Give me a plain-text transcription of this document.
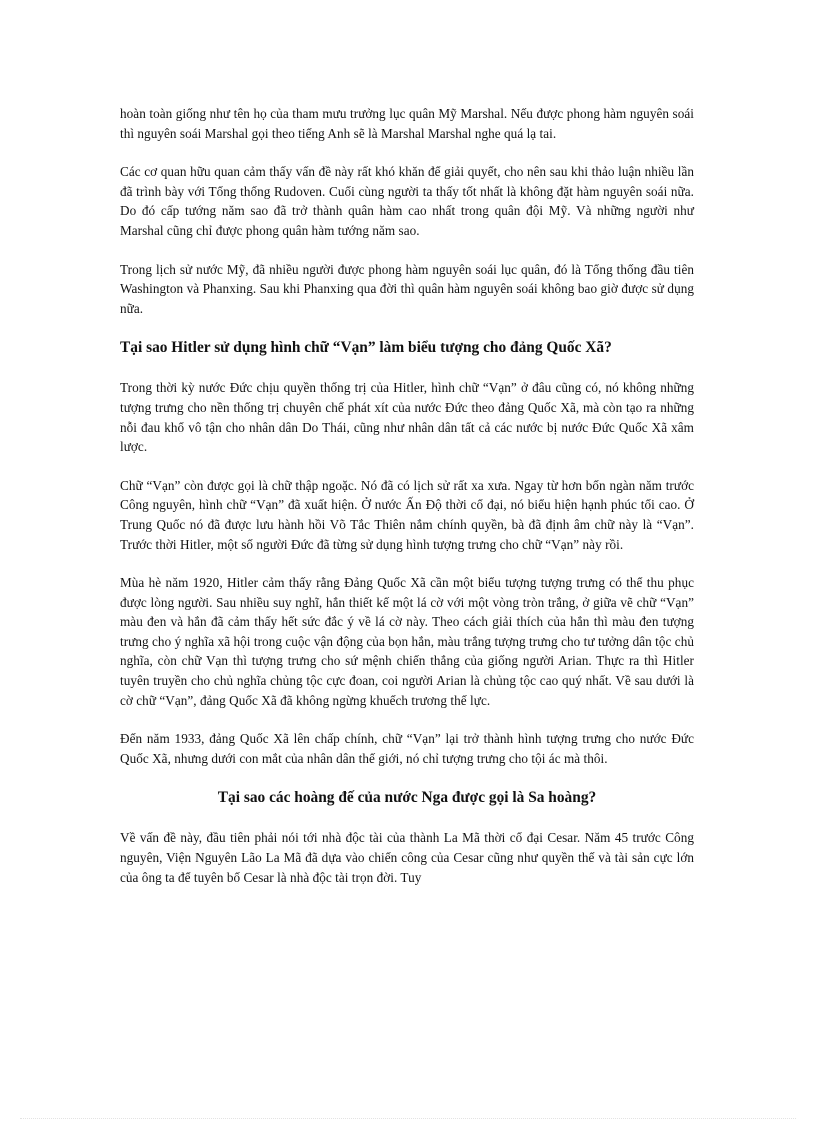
hoàn toàn giống như tên họ của tham mưu trưởng lục quân Mỹ Marshal. Nếu được phong hàm nguyên soái thì nguyên soái Marshal gọi theo tiếng Anh sẽ là Marshal Marshal nghe quá lạ tai.

Các cơ quan hữu quan cảm thấy vấn đề này rất khó khăn để giải quyết, cho nên sau khi thảo luận nhiều lần đã trình bày với Tổng thống Rudoven. Cuối cùng người ta thấy tốt nhất là không đặt hàm nguyên soái nữa. Do đó cấp tướng năm sao đã trở thành quân hàm cao nhất trong quân đội Mỹ. Và những người như Marshal cũng chỉ được phong quân hàm tướng năm sao.

Trong lịch sử nước Mỹ, đã nhiều người được phong hàm nguyên soái lục quân, đó là Tổng thống đầu tiên Washington và Phanxing. Sau khi Phanxing qua đời thì quân hàm nguyên soái không bao giờ được sử dụng nữa.

Tại sao Hitler sử dụng hình chữ “Vạn” làm biểu tượng cho đảng Quốc Xã?

Trong thời kỳ nước Đức chịu quyền thống trị của Hitler, hình chữ “Vạn” ở đâu cũng có, nó không những tượng trưng cho nền thống trị chuyên chế phát xít của nước Đức theo đảng Quốc Xã, mà còn tạo ra những nỗi đau khổ vô tận cho nhân dân Do Thái, cũng như nhân dân tất cả các nước bị nước Đức Quốc Xã xâm lược.

Chữ “Vạn” còn được gọi là chữ thập ngoặc. Nó đã có lịch sử rất xa xưa. Ngay từ hơn bốn ngàn năm trước Công nguyên, hình chữ “Vạn” đã xuất hiện. Ở nước Ấn Độ thời cổ đại, nó biểu hiện hạnh phúc tối cao. Ở Trung Quốc nó đã được lưu hành hồi Võ Tắc Thiên nắm chính quyền, bà đã định âm chữ này là “Vạn”. Trước thời Hitler, một số người Đức đã từng sử dụng hình tượng trưng cho chữ “Vạn” này rồi.

Mùa hè năm 1920, Hitler cảm thấy rằng Đảng Quốc Xã cần một biểu tượng tượng trưng có thể thu phục được lòng người. Sau nhiều suy nghĩ, hắn thiết kế một lá cờ với một vòng tròn trắng, ở giữa vẽ chữ “Vạn” màu đen và hắn đã cảm thấy hết sức đắc ý về lá cờ này. Theo cách giải thích của hắn thì màu đen tượng trưng cho ý nghĩa xã hội trong cuộc vận động của bọn hắn, màu trắng tượng trưng cho tư tưởng dân tộc chủ nghĩa, còn chữ Vạn thì tượng trưng cho sứ mệnh chiến thắng của giống người Arian. Thực ra thì Hitler tuyên truyền cho chủ nghĩa chủng tộc cực đoan, coi người Arian là chủng tộc cao quý nhất. Về sau dưới là cờ chữ “Vạn”, đảng Quốc Xã đã không ngừng khuếch trương thế lực.

Đến năm 1933, đảng Quốc Xã lên chấp chính, chữ “Vạn” lại trở thành hình tượng trưng cho nước Đức Quốc Xã, nhưng dưới con mắt của nhân dân thế giới, nó chỉ tượng trưng cho tội ác mà thôi.

Tại sao các hoàng đế của nước Nga được gọi là Sa hoàng?

Về vấn đề này, đầu tiên phải nói tới nhà độc tài của thành La Mã thời cổ đại Cesar. Năm 45 trước Công nguyên, Viện Nguyên Lão La Mã đã dựa vào chiến công của Cesar cũng như quyền thế và tài sản cực lớn của ông ta để tuyên bố Cesar là nhà độc tài trọn đời. Tuy
